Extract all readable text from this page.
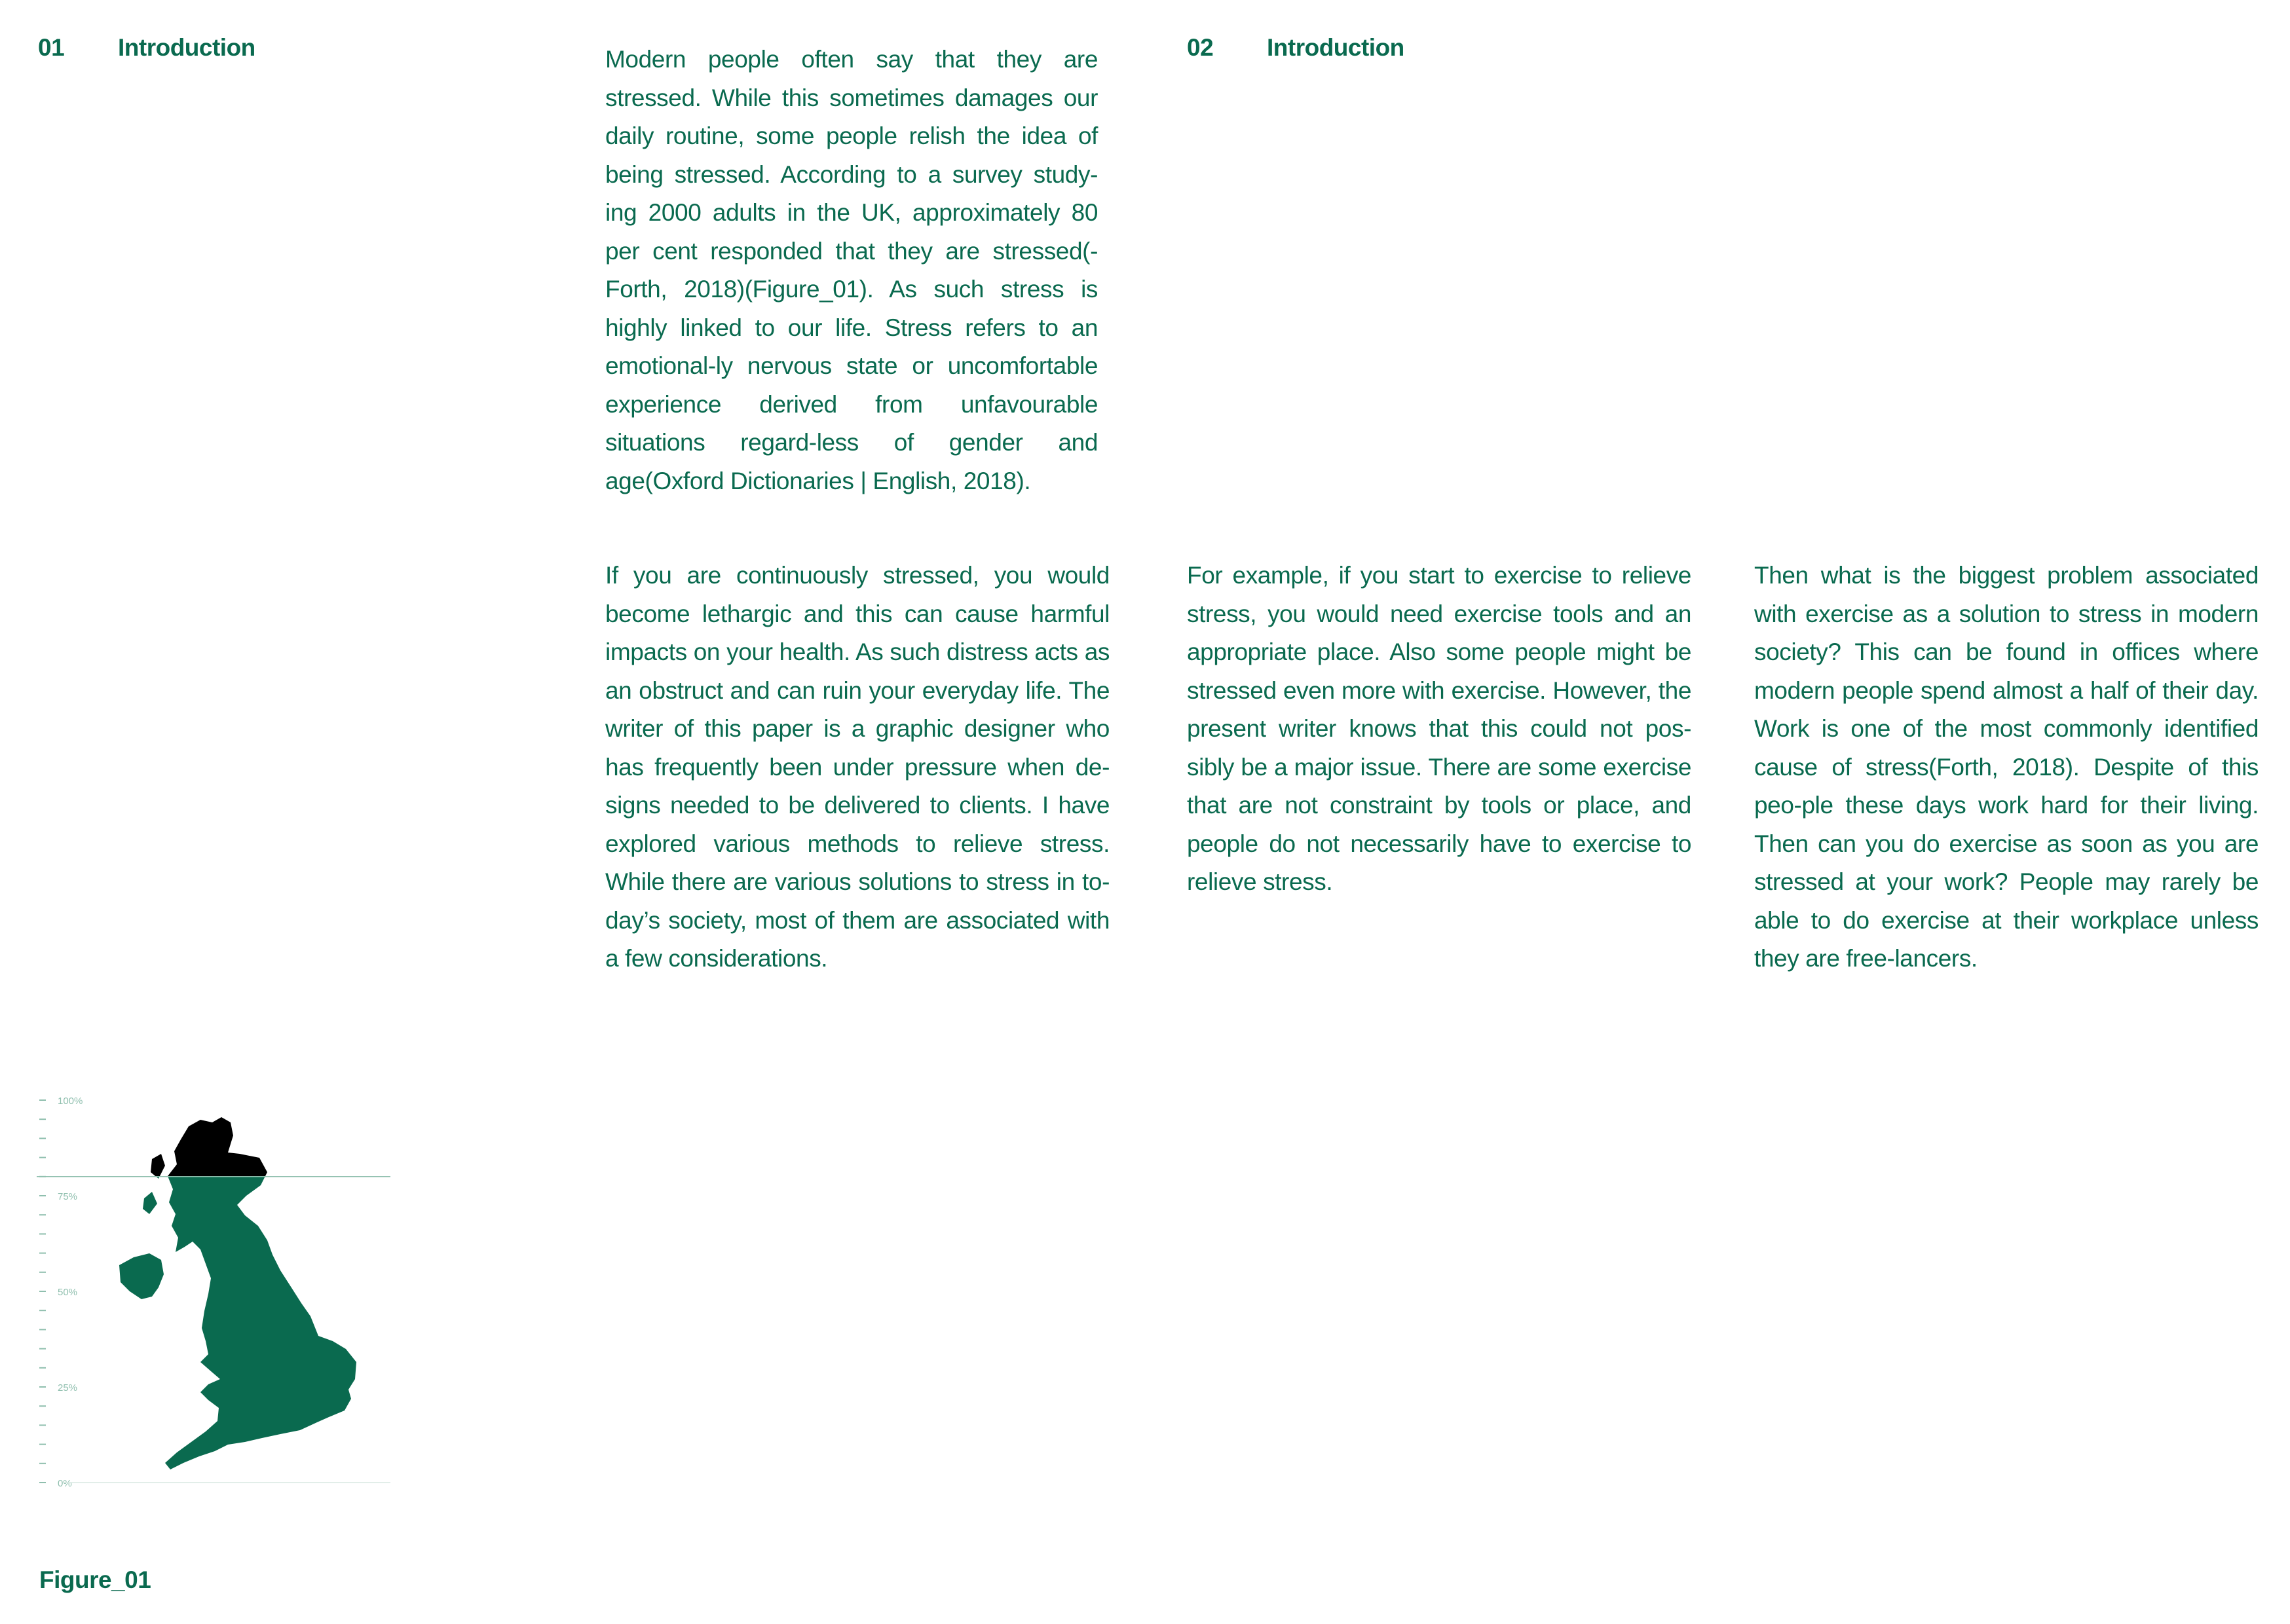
01 Introduction	02 Introduction

Modern people often say that they are stressed. While this sometimes damages our daily routine, some people relish the idea of being stressed. According to a survey study-ing 2000 adults in the UK, approximately 80 per cent responded that they are stressed(-Forth, 2018)(Figure_01). As such stress is highly linked to our life. Stress refers to an emotional-ly nervous state or uncomfortable experience derived from unfavourable situations regard-less of gender and age(Oxford Dictionaries | English, 2018).

If you are continuously stressed, you would become lethargic and this can cause harmful impacts on your health. As such distress acts as an obstruct and can ruin your everyday life. The writer of this paper is a graphic designer who has frequently been under pressure when de-signs needed to be delivered to clients. I have explored various methods to relieve stress. While there are various solutions to stress in to-day’s society, most of them are associated with a few considerations.

For example, if you start to exercise to relieve stress, you would need exercise tools and an appropriate place. Also some people might be stressed even more with exercise. However, the present writer knows that this could not pos-sibly be a major issue. There are some exercise that are not constraint by tools or place, and people do not necessarily have to exercise to relieve stress.

Then what is the biggest problem associated with exercise as a solution to stress in modern society? This can be found in offices where modern people spend almost a half of their day. Work is one of the most commonly identified cause of stress(Forth, 2018). Despite of this peo-ple these days work hard for their living. Then can you do exercise as soon as you are stressed at your work? People may rarely be able to do exercise at their workplace unless they are free-lancers.

100%
75%
50%
25%
0%
Figure_01
